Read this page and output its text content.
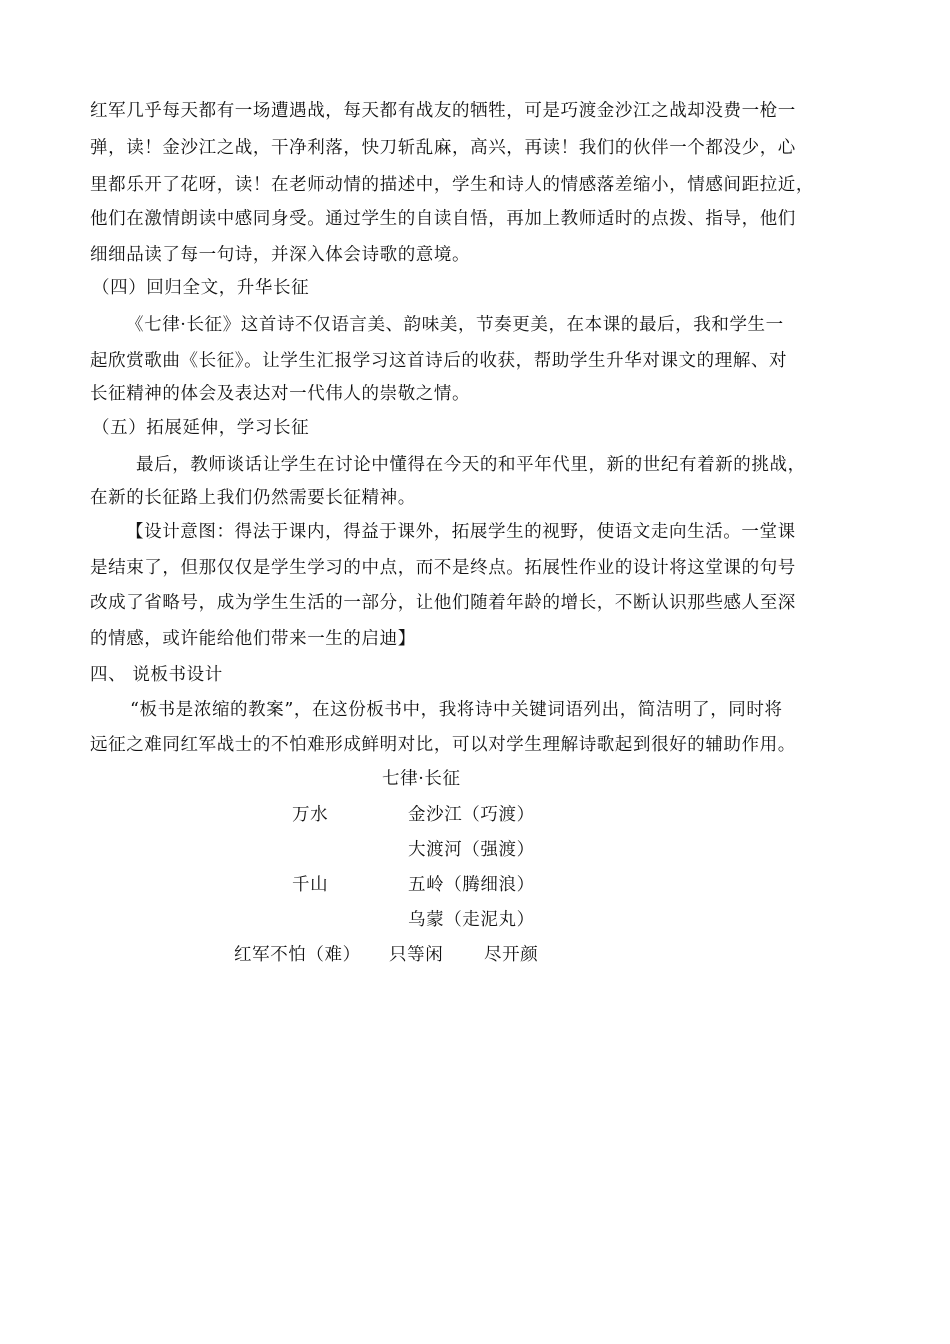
红军几乎每天都有一场遭遇战，每天都有战友的牺牲，可是巧渡金沙江之战却没费一枪一
弹，读！金沙江之战，干净利落，快刀斩乱麻，高兴，再读！我们的伙伴一个都没少，心
里都乐开了花呀，读！在老师动情的描述中，学生和诗人的情感落差缩小，情感间距拉近，
他们在激情朗读中感同身受。通过学生的自读自悟，再加上教师适时的点拨、指导，他们
细细品读了每一句诗，并深入体会诗歌的意境。
（四）回归全文，升华长征
《七律·长征》这首诗不仅语言美、韵味美，节奏更美，在本课的最后，我和学生一
起欣赏歌曲《长征》。让学生汇报学习这首诗后的收获，帮助学生升华对课文的理解、对
长征精神的体会及表达对一代伟人的崇敬之情。
（五）拓展延伸，学习长征
最后，教师谈话让学生在讨论中懂得在今天的和平年代里，新的世纪有着新的挑战，
在新的长征路上我们仍然需要长征精神。
【设计意图：得法于课内，得益于课外，拓展学生的视野，使语文走向生活。一堂课
是结束了，但那仅仅是学生学习的中点，而不是终点。拓展性作业的设计将这堂课的句号
改成了省略号，成为学生生活的一部分，让他们随着年龄的增长，不断认识那些感人至深
的情感，或许能给他们带来一生的启迪】
四、 说板书设计
“板书是浓缩的教案”，在这份板书中，我将诗中关键词语列出，简洁明了，同时将
远征之难同红军战士的不怕难形成鲜明对比，可以对学生理解诗歌起到很好的辅助作用。
七律·长征
万水	金沙江（巧渡）
大渡河（强渡）
千山	五岭（腾细浪）
乌蒙（走泥丸）
红军不怕（难） 只等闲 尽开颜
